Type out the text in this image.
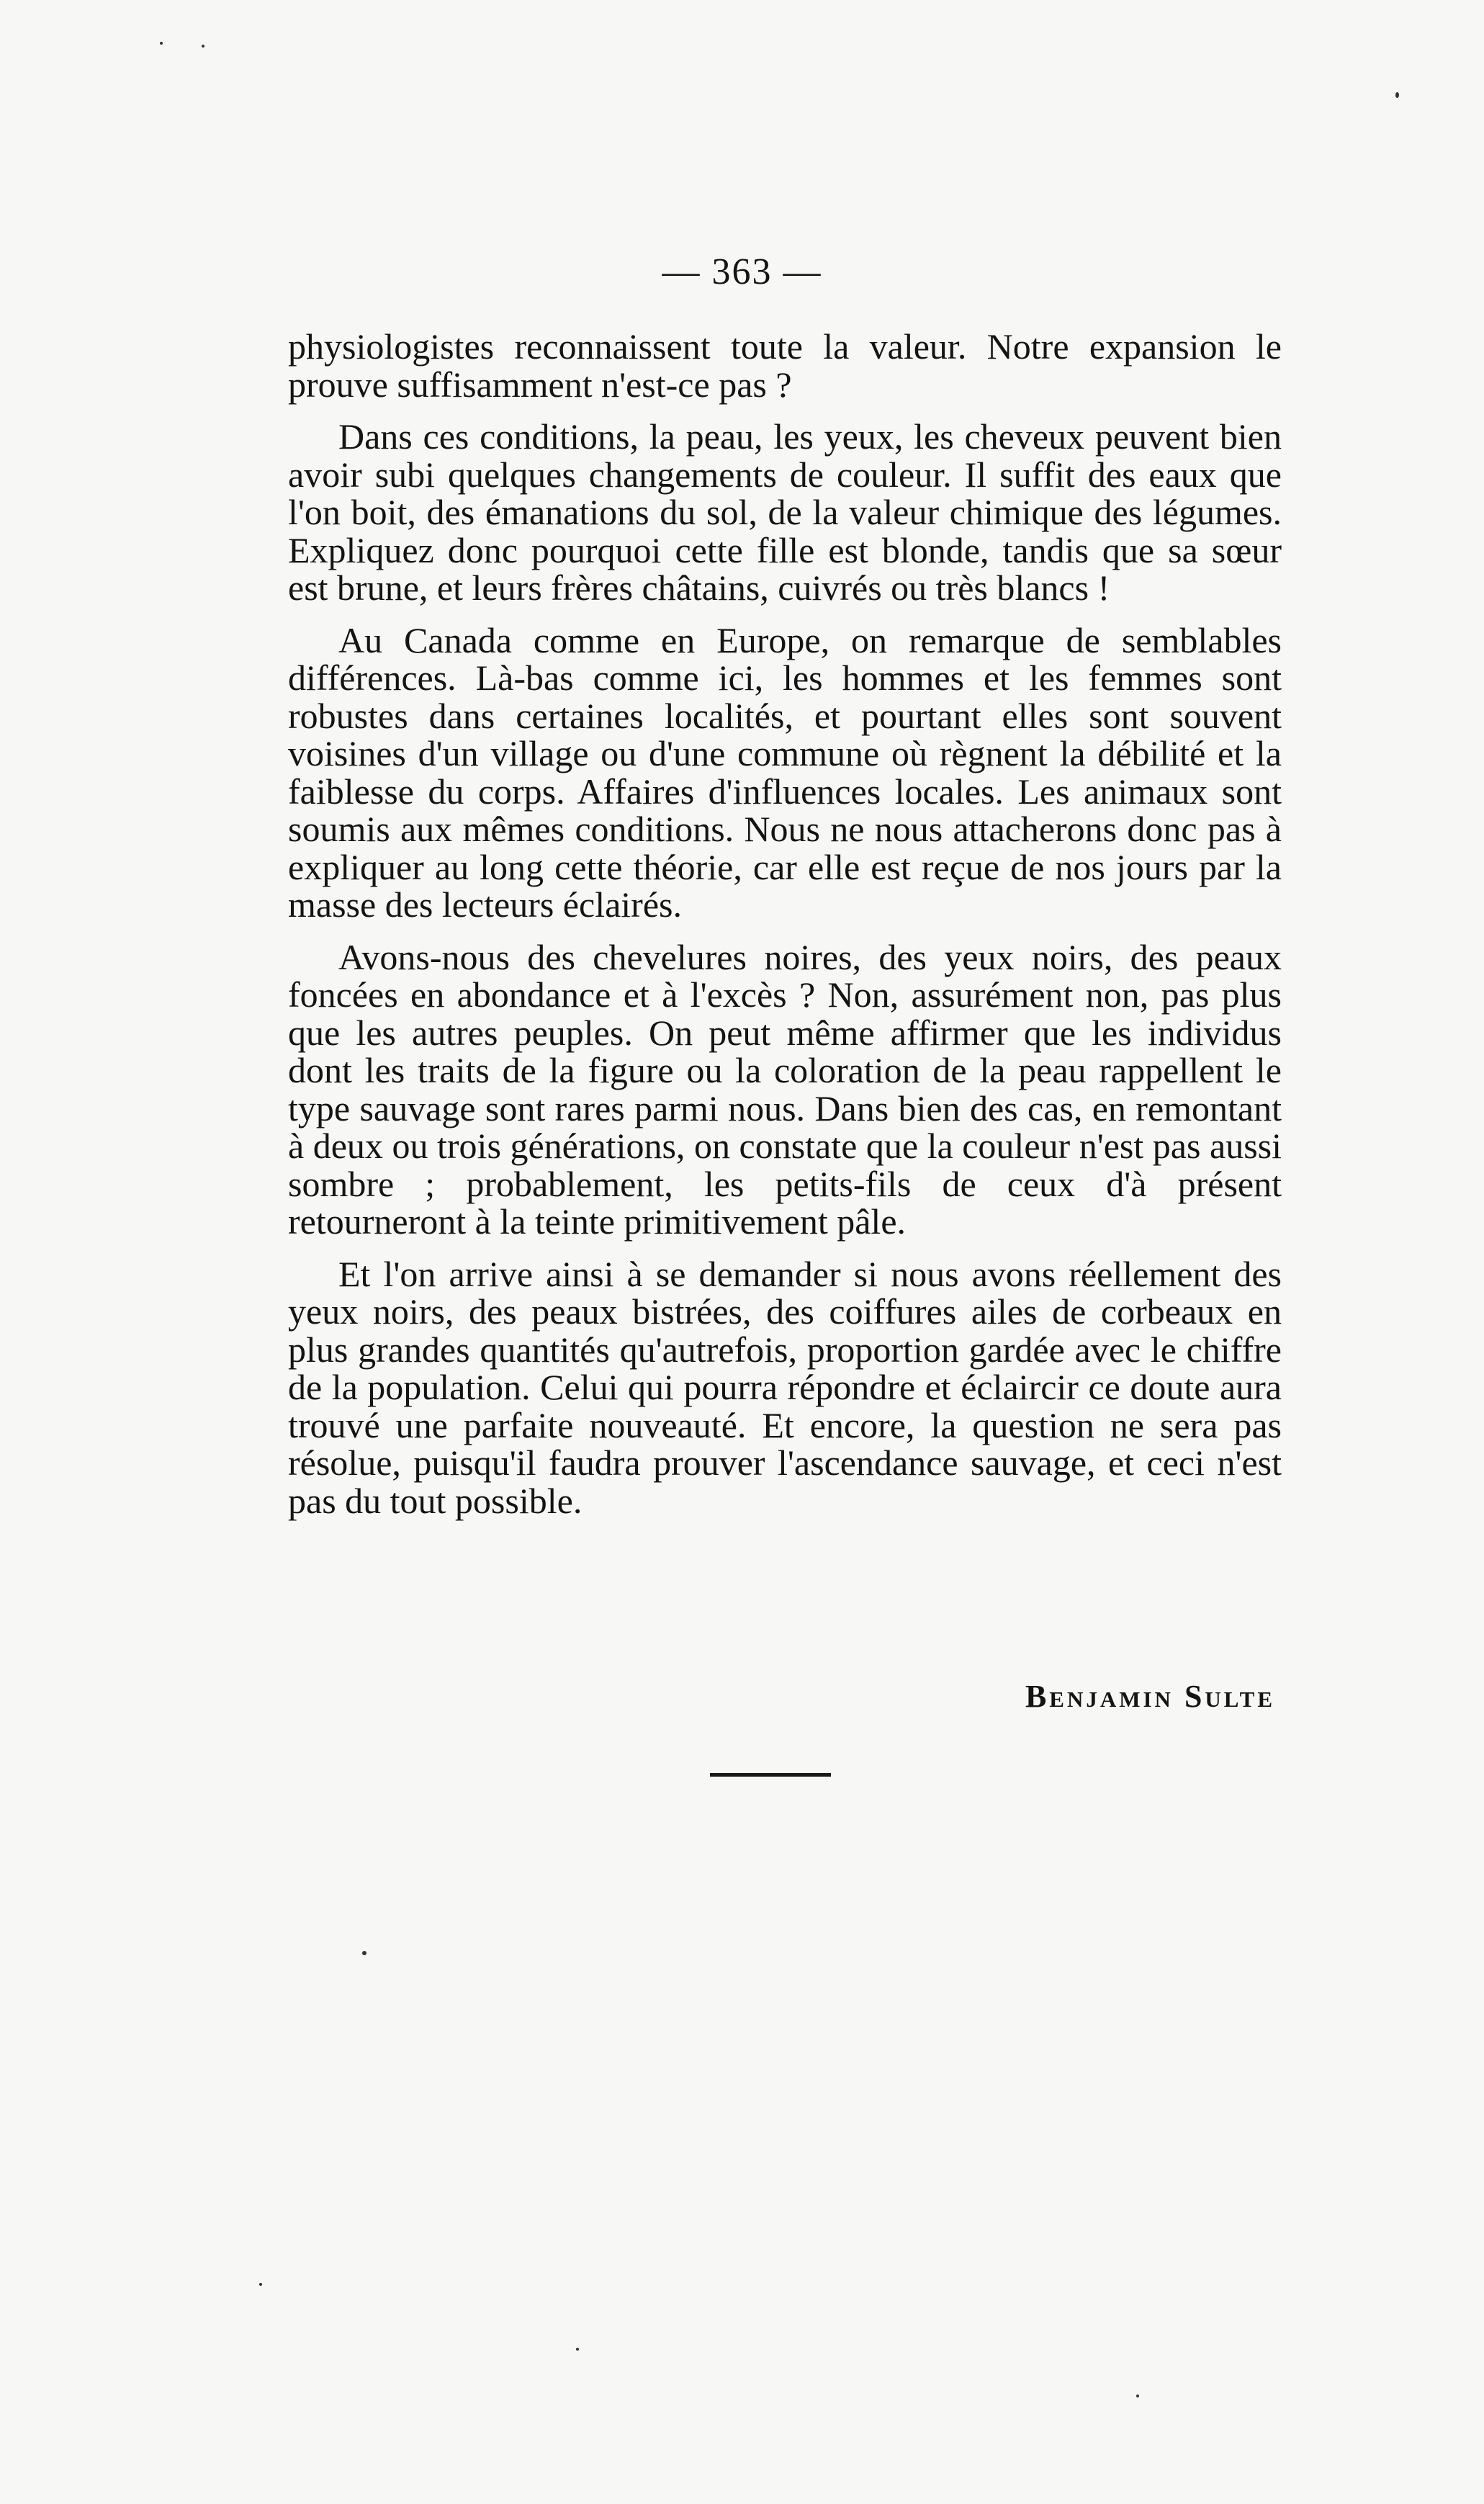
— 363 —

physiologistes reconnaissent toute la valeur. Notre expansion le prouve suffisamment n'est-ce pas ?

Dans ces conditions, la peau, les yeux, les cheveux peuvent bien avoir subi quelques changements de couleur. Il suffit des eaux que l'on boit, des émanations du sol, de la valeur chimique des légumes. Expliquez donc pourquoi cette fille est blonde, tandis que sa sœur est brune, et leurs frères châtains, cuivrés ou très blancs !

Au Canada comme en Europe, on remarque de semblables différences. Là-bas comme ici, les hommes et les femmes sont robustes dans certaines localités, et pourtant elles sont souvent voisines d'un village ou d'une commune où règnent la débilité et la faiblesse du corps. Affaires d'influences locales. Les animaux sont soumis aux mêmes conditions. Nous ne nous attacherons donc pas à expliquer au long cette théorie, car elle est reçue de nos jours par la masse des lecteurs éclairés.

Avons-nous des chevelures noires, des yeux noirs, des peaux foncées en abondance et à l'excès ? Non, assurément non, pas plus que les autres peuples. On peut même affirmer que les individus dont les traits de la figure ou la coloration de la peau rappellent le type sauvage sont rares parmi nous. Dans bien des cas, en remontant à deux ou trois générations, on constate que la couleur n'est pas aussi sombre ; probablement, les petits-fils de ceux d'à présent retourneront à la teinte primitivement pâle.

Et l'on arrive ainsi à se demander si nous avons réellement des yeux noirs, des peaux bistrées, des coiffures ailes de corbeaux en plus grandes quantités qu'autrefois, proportion gardée avec le chiffre de la population. Celui qui pourra répondre et éclaircir ce doute aura trouvé une parfaite nouveauté. Et encore, la question ne sera pas résolue, puisqu'il faudra prouver l'ascendance sauvage, et ceci n'est pas du tout possible.

Benjamin Sulte
